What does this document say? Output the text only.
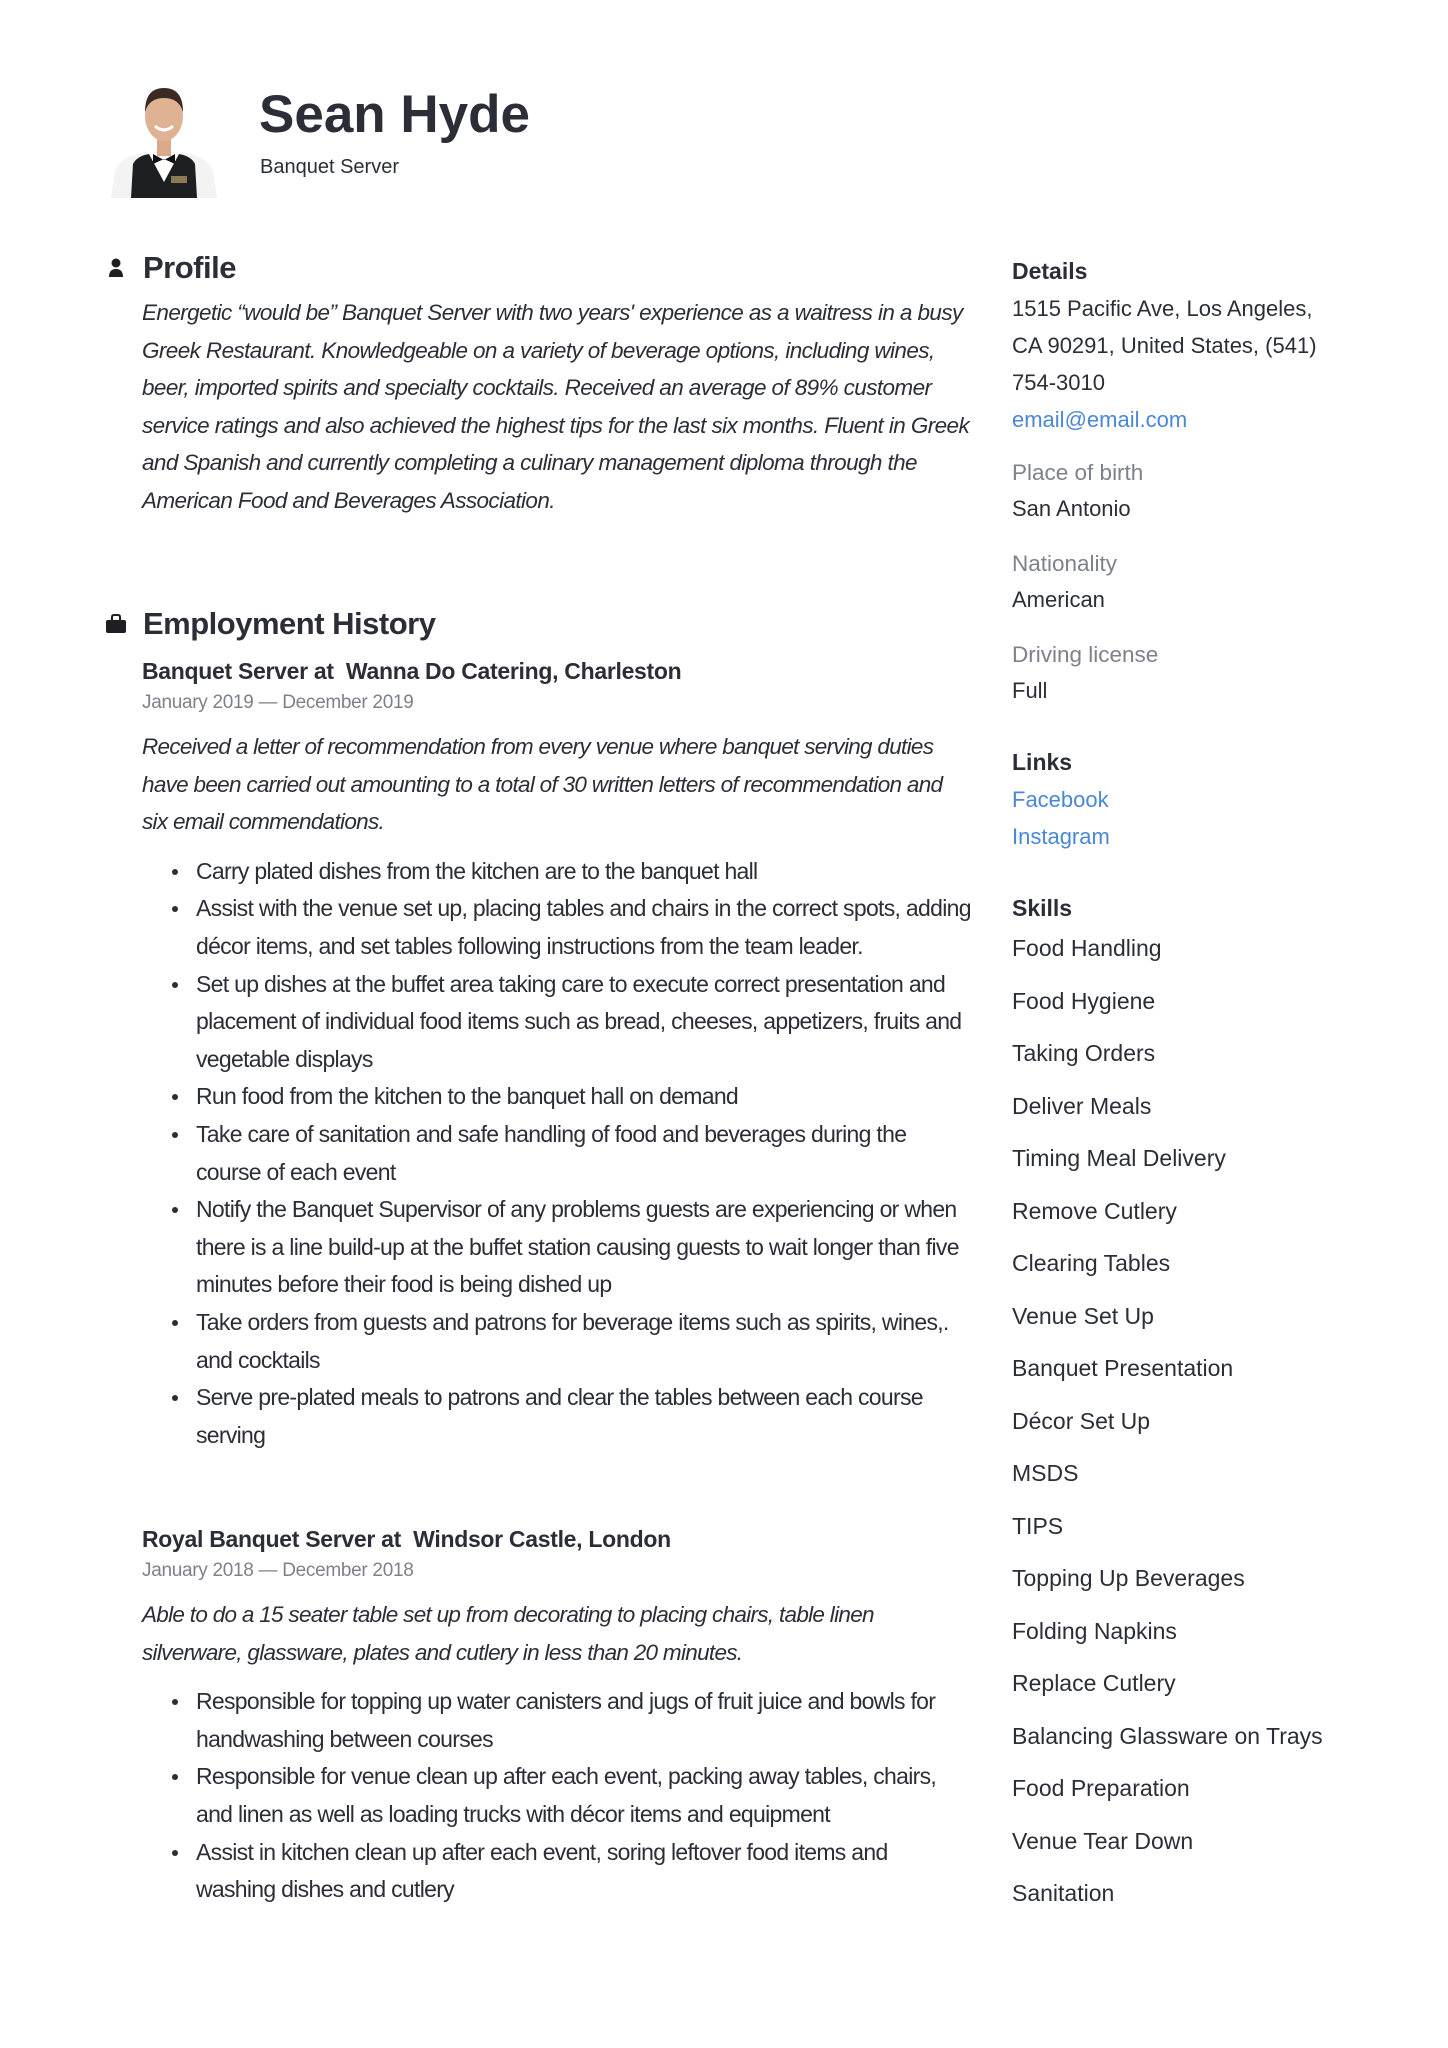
Sean Hyde
Banquet Server
Profile
Energetic “would be” Banquet Server with two years' experience as a waitress in a busy Greek Restaurant. Knowledgeable on a variety of beverage options, including wines, beer, imported spirits and specialty cocktails. Received an average of 89% customer service ratings and also achieved the highest tips for the last six months. Fluent in Greek and Spanish and currently completing a culinary management diploma through the American Food and Beverages Association.
Employment History
Banquet Server at  Wanna Do Catering, Charleston
January 2019 — December 2019
Received a letter of recommendation from every venue where banquet serving duties have been carried out amounting to a total of 30 written letters of recommendation and six email commendations.
Carry plated dishes from the kitchen are to the banquet hall
Assist with the venue set up, placing tables and chairs in the correct spots, adding décor items, and set tables following instructions from the team leader.
Set up dishes at the buffet area taking care to execute correct presentation and placement of individual food items such as bread, cheeses, appetizers, fruits and vegetable displays
Run food from the kitchen to the banquet hall on demand
Take care of sanitation and safe handling of food and beverages during the course of each event
Notify the Banquet Supervisor of any problems guests are experiencing or when there is a line build-up at the buffet station causing guests to wait longer than five minutes before their food is being dished up
Take orders from guests and patrons for beverage items such as spirits, wines,. and cocktails
Serve pre-plated meals to patrons and clear the tables between each course serving
Royal Banquet Server at  Windsor Castle, London
January 2018 — December 2018
Able to do a 15 seater table set up from decorating to placing chairs, table linen silverware, glassware, plates and cutlery in less than 20 minutes.
Responsible for topping up water canisters and jugs of fruit juice and bowls for handwashing between courses
Responsible for venue clean up after each event, packing away tables, chairs, and linen as well as loading trucks with décor items and equipment
Assist in kitchen clean up after each event, soring leftover food items and washing dishes and cutlery
Details
1515 Pacific Ave, Los Angeles,
CA 90291, United States, (541)
754-3010
email@email.com
Place of birth
San Antonio
Nationality
American
Driving license
Full
Links
Facebook
Instagram
Skills
Food Handling
Food Hygiene
Taking Orders
Deliver Meals
Timing Meal Delivery
Remove Cutlery
Clearing Tables
Venue Set Up
Banquet Presentation
Décor Set Up
MSDS
TIPS
Topping Up Beverages
Folding Napkins
Replace Cutlery
Balancing Glassware on Trays
Food Preparation
Venue Tear Down
Sanitation
